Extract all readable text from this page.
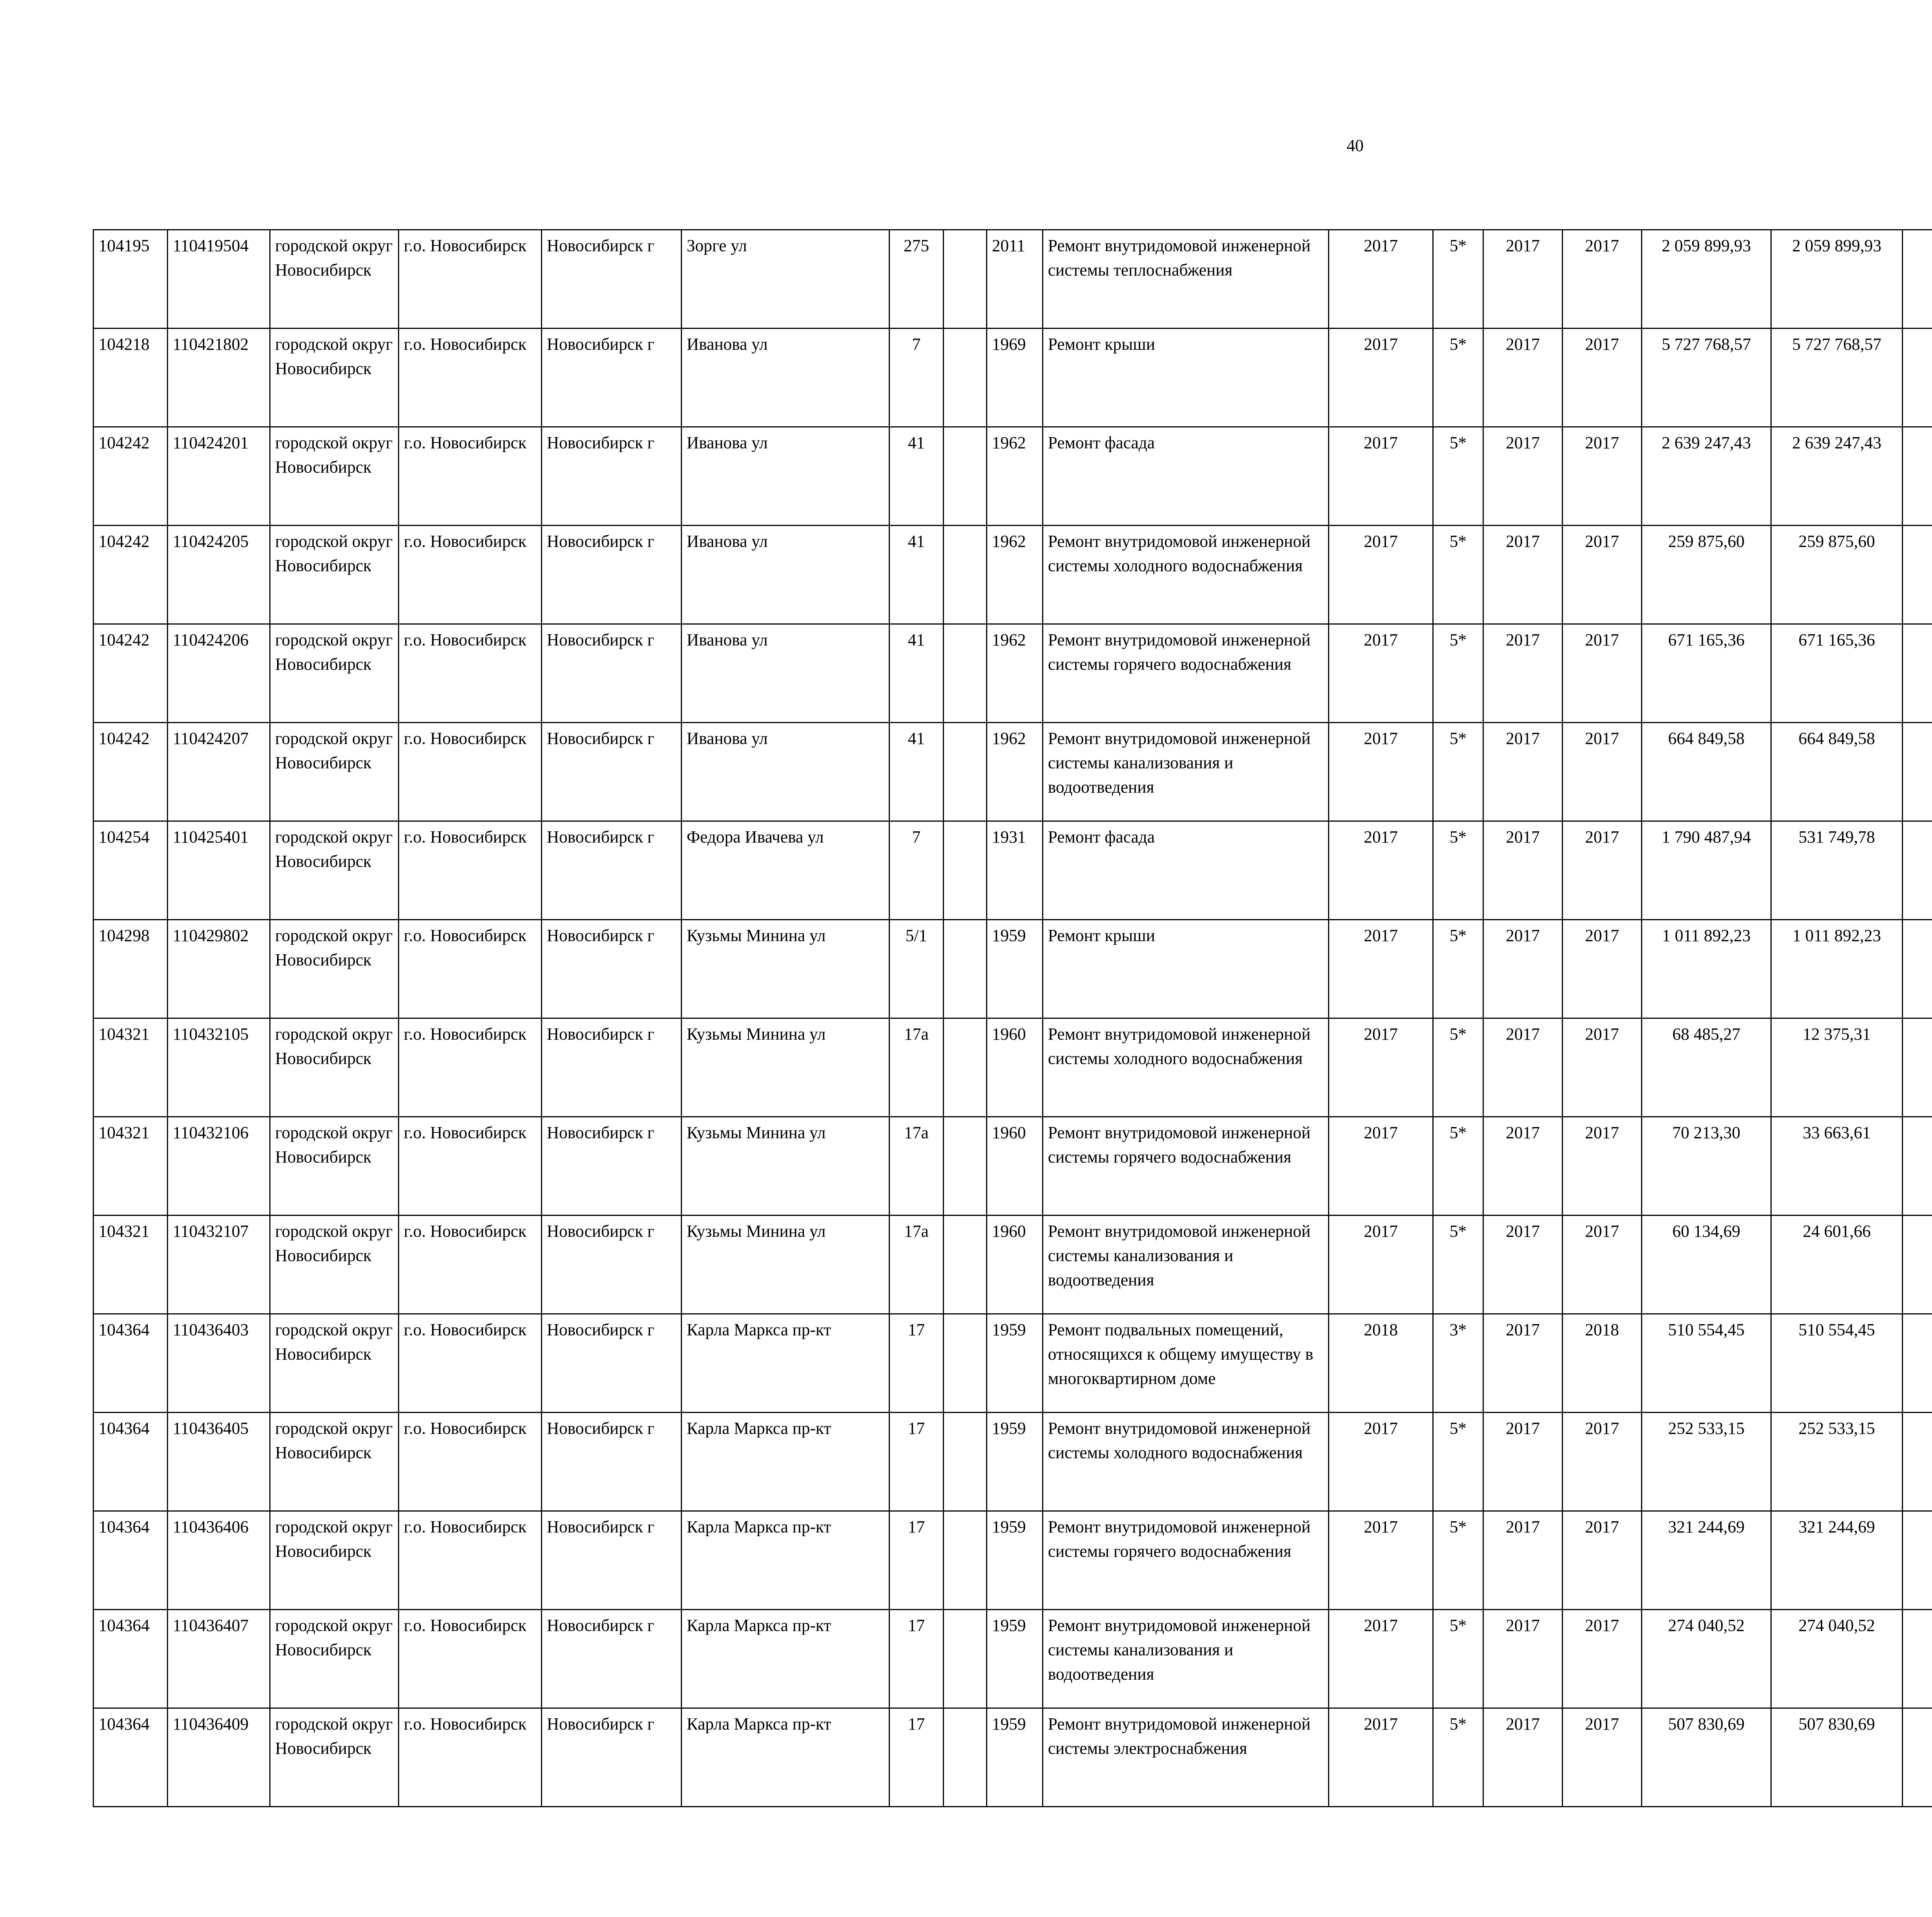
40
104195	110419504	городской округ Новосибирск	г.о. Новосибирск	Новосибирск г	Зорге ул	275		2011	Ремонт внутридомовой инженерной системы теплоснабжения	2017	5*	2017	2017	2 059 899,93	2 059 899,93						
104218	110421802	городской округ Новосибирск	г.о. Новосибирск	Новосибирск г	Иванова ул	7		1969	Ремонт крыши	2017	5*	2017	2017	5 727 768,57	5 727 768,57						
104242	110424201	городской округ Новосибирск	г.о. Новосибирск	Новосибирск г	Иванова ул	41		1962	Ремонт фасада	2017	5*	2017	2017	2 639 247,43	2 639 247,43						
104242	110424205	городской округ Новосибирск	г.о. Новосибирск	Новосибирск г	Иванова ул	41		1962	Ремонт внутридомовой инженерной системы холодного водоснабжения	2017	5*	2017	2017	259 875,60	259 875,60						
104242	110424206	городской округ Новосибирск	г.о. Новосибирск	Новосибирск г	Иванова ул	41		1962	Ремонт внутридомовой инженерной системы горячего водоснабжения	2017	5*	2017	2017	671 165,36	671 165,36						
104242	110424207	городской округ Новосибирск	г.о. Новосибирск	Новосибирск г	Иванова ул	41		1962	Ремонт внутридомовой инженерной системы канализования и водоотведения	2017	5*	2017	2017	664 849,58	664 849,58						
104254	110425401	городской округ Новосибирск	г.о. Новосибирск	Новосибирск г	Федора Ивачева ул	7		1931	Ремонт фасада	2017	5*	2017	2017	1 790 487,94	531 749,78						
104298	110429802	городской округ Новосибирск	г.о. Новосибирск	Новосибирск г	Кузьмы Минина ул	5/1		1959	Ремонт крыши	2017	5*	2017	2017	1 011 892,23	1 011 892,23						
104321	110432105	городской округ Новосибирск	г.о. Новосибирск	Новосибирск г	Кузьмы Минина ул	17а		1960	Ремонт внутридомовой инженерной системы холодного водоснабжения	2017	5*	2017	2017	68 485,27	12 375,31						
104321	110432106	городской округ Новосибирск	г.о. Новосибирск	Новосибирск г	Кузьмы Минина ул	17а		1960	Ремонт внутридомовой инженерной системы горячего водоснабжения	2017	5*	2017	2017	70 213,30	33 663,61						
104321	110432107	городской округ Новосибирск	г.о. Новосибирск	Новосибирск г	Кузьмы Минина ул	17а		1960	Ремонт внутридомовой инженерной системы канализования и водоотведения	2017	5*	2017	2017	60 134,69	24 601,66						
104364	110436403	городской округ Новосибирск	г.о. Новосибирск	Новосибирск г	Карла Маркса пр-кт	17		1959	Ремонт подвальных помещений, относящихся к общему имуществу в многоквартирном доме	2018	3*	2017	2018	510 554,45	510 554,45						
104364	110436405	городской округ Новосибирск	г.о. Новосибирск	Новосибирск г	Карла Маркса пр-кт	17		1959	Ремонт внутридомовой инженерной системы холодного водоснабжения	2017	5*	2017	2017	252 533,15	252 533,15						
104364	110436406	городской округ Новосибирск	г.о. Новосибирск	Новосибирск г	Карла Маркса пр-кт	17		1959	Ремонт внутридомовой инженерной системы горячего водоснабжения	2017	5*	2017	2017	321 244,69	321 244,69						
104364	110436407	городской округ Новосибирск	г.о. Новосибирск	Новосибирск г	Карла Маркса пр-кт	17		1959	Ремонт внутридомовой инженерной системы канализования и водоотведения	2017	5*	2017	2017	274 040,52	274 040,52						
104364	110436409	городской округ Новосибирск	г.о. Новосибирск	Новосибирск г	Карла Маркса пр-кт	17		1959	Ремонт внутридомовой инженерной системы электроснабжения	2017	5*	2017	2017	507 830,69	507 830,69						
